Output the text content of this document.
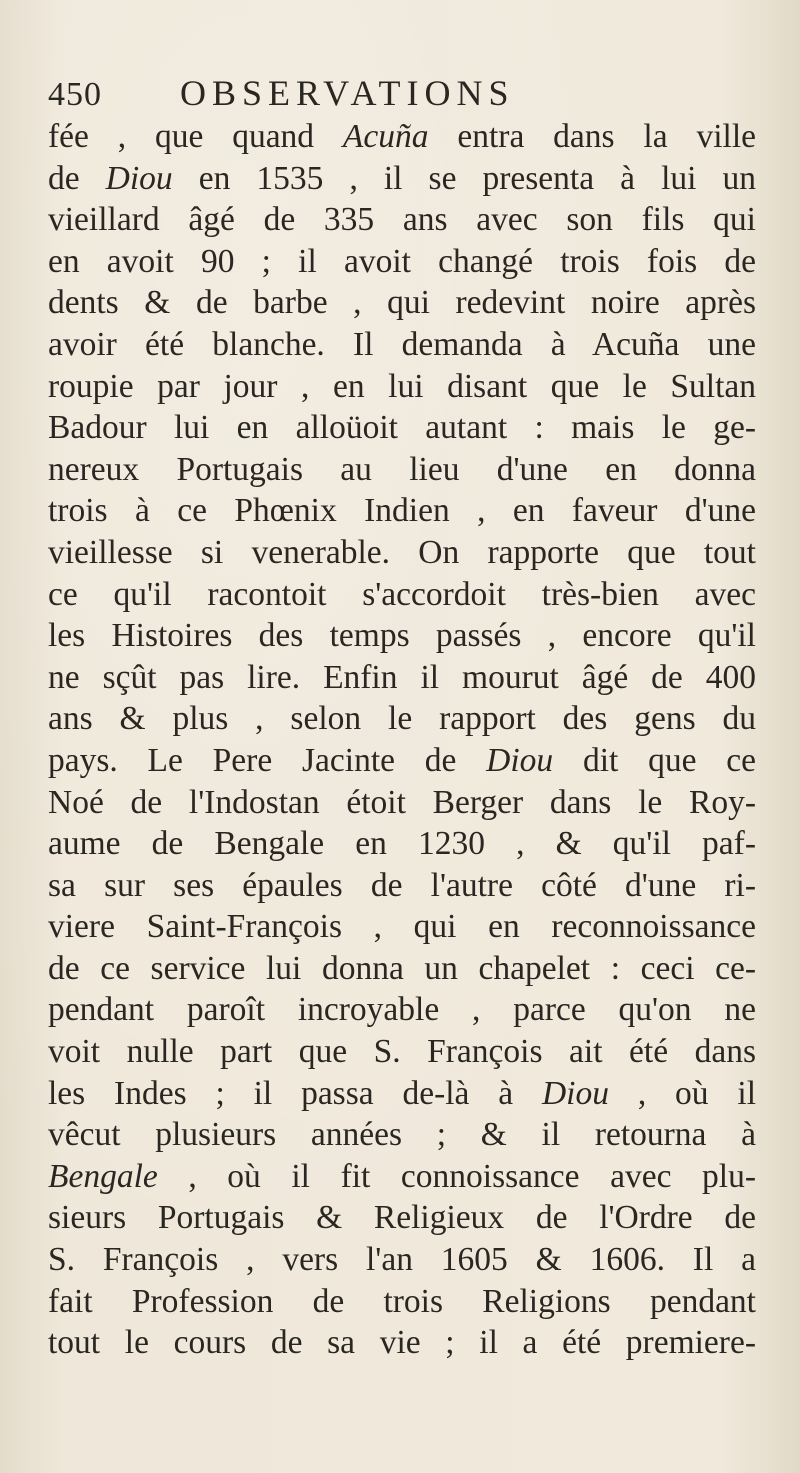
450	OBSERVATIONS
fée , que quand Acuña entra dans la ville
de Diou en 1535 , il se presenta à lui un
vieillard âgé de 335 ans avec son fils qui
en avoit 90 ; il avoit changé trois fois de
dents & de barbe , qui redevint noire après
avoir été blanche. Il demanda à Acuña une
roupie par jour , en lui disant que le Sultan
Badour lui en alloüoit autant : mais le ge-
nereux Portugais au lieu d'une en donna
trois à ce Phœnix Indien , en faveur d'une
vieillesse si venerable. On rapporte que tout
ce qu'il racontoit s'accordoit très-bien avec
les Histoires des temps passés , encore qu'il
ne sçût pas lire. Enfin il mourut âgé de 400
ans & plus , selon le rapport des gens du
pays. Le Pere Jacinte de Diou dit que ce
Noé de l'Indostan étoit Berger dans le Roy-
aume de Bengale en 1230 , & qu'il paf-
sa sur ses épaules de l'autre côté d'une ri-
viere Saint-François , qui en reconnoissance
de ce service lui donna un chapelet : ceci ce-
pendant paroît incroyable , parce qu'on ne
voit nulle part que S. François ait été dans
les Indes ; il passa de-là à Diou , où il
vêcut plusieurs années ; & il retourna à
Bengale , où il fit connoissance avec plu-
sieurs Portugais & Religieux de l'Ordre de
S. François , vers l'an 1605 & 1606. Il a
fait Profession de trois Religions pendant
tout le cours de sa vie ; il a été premiere-
